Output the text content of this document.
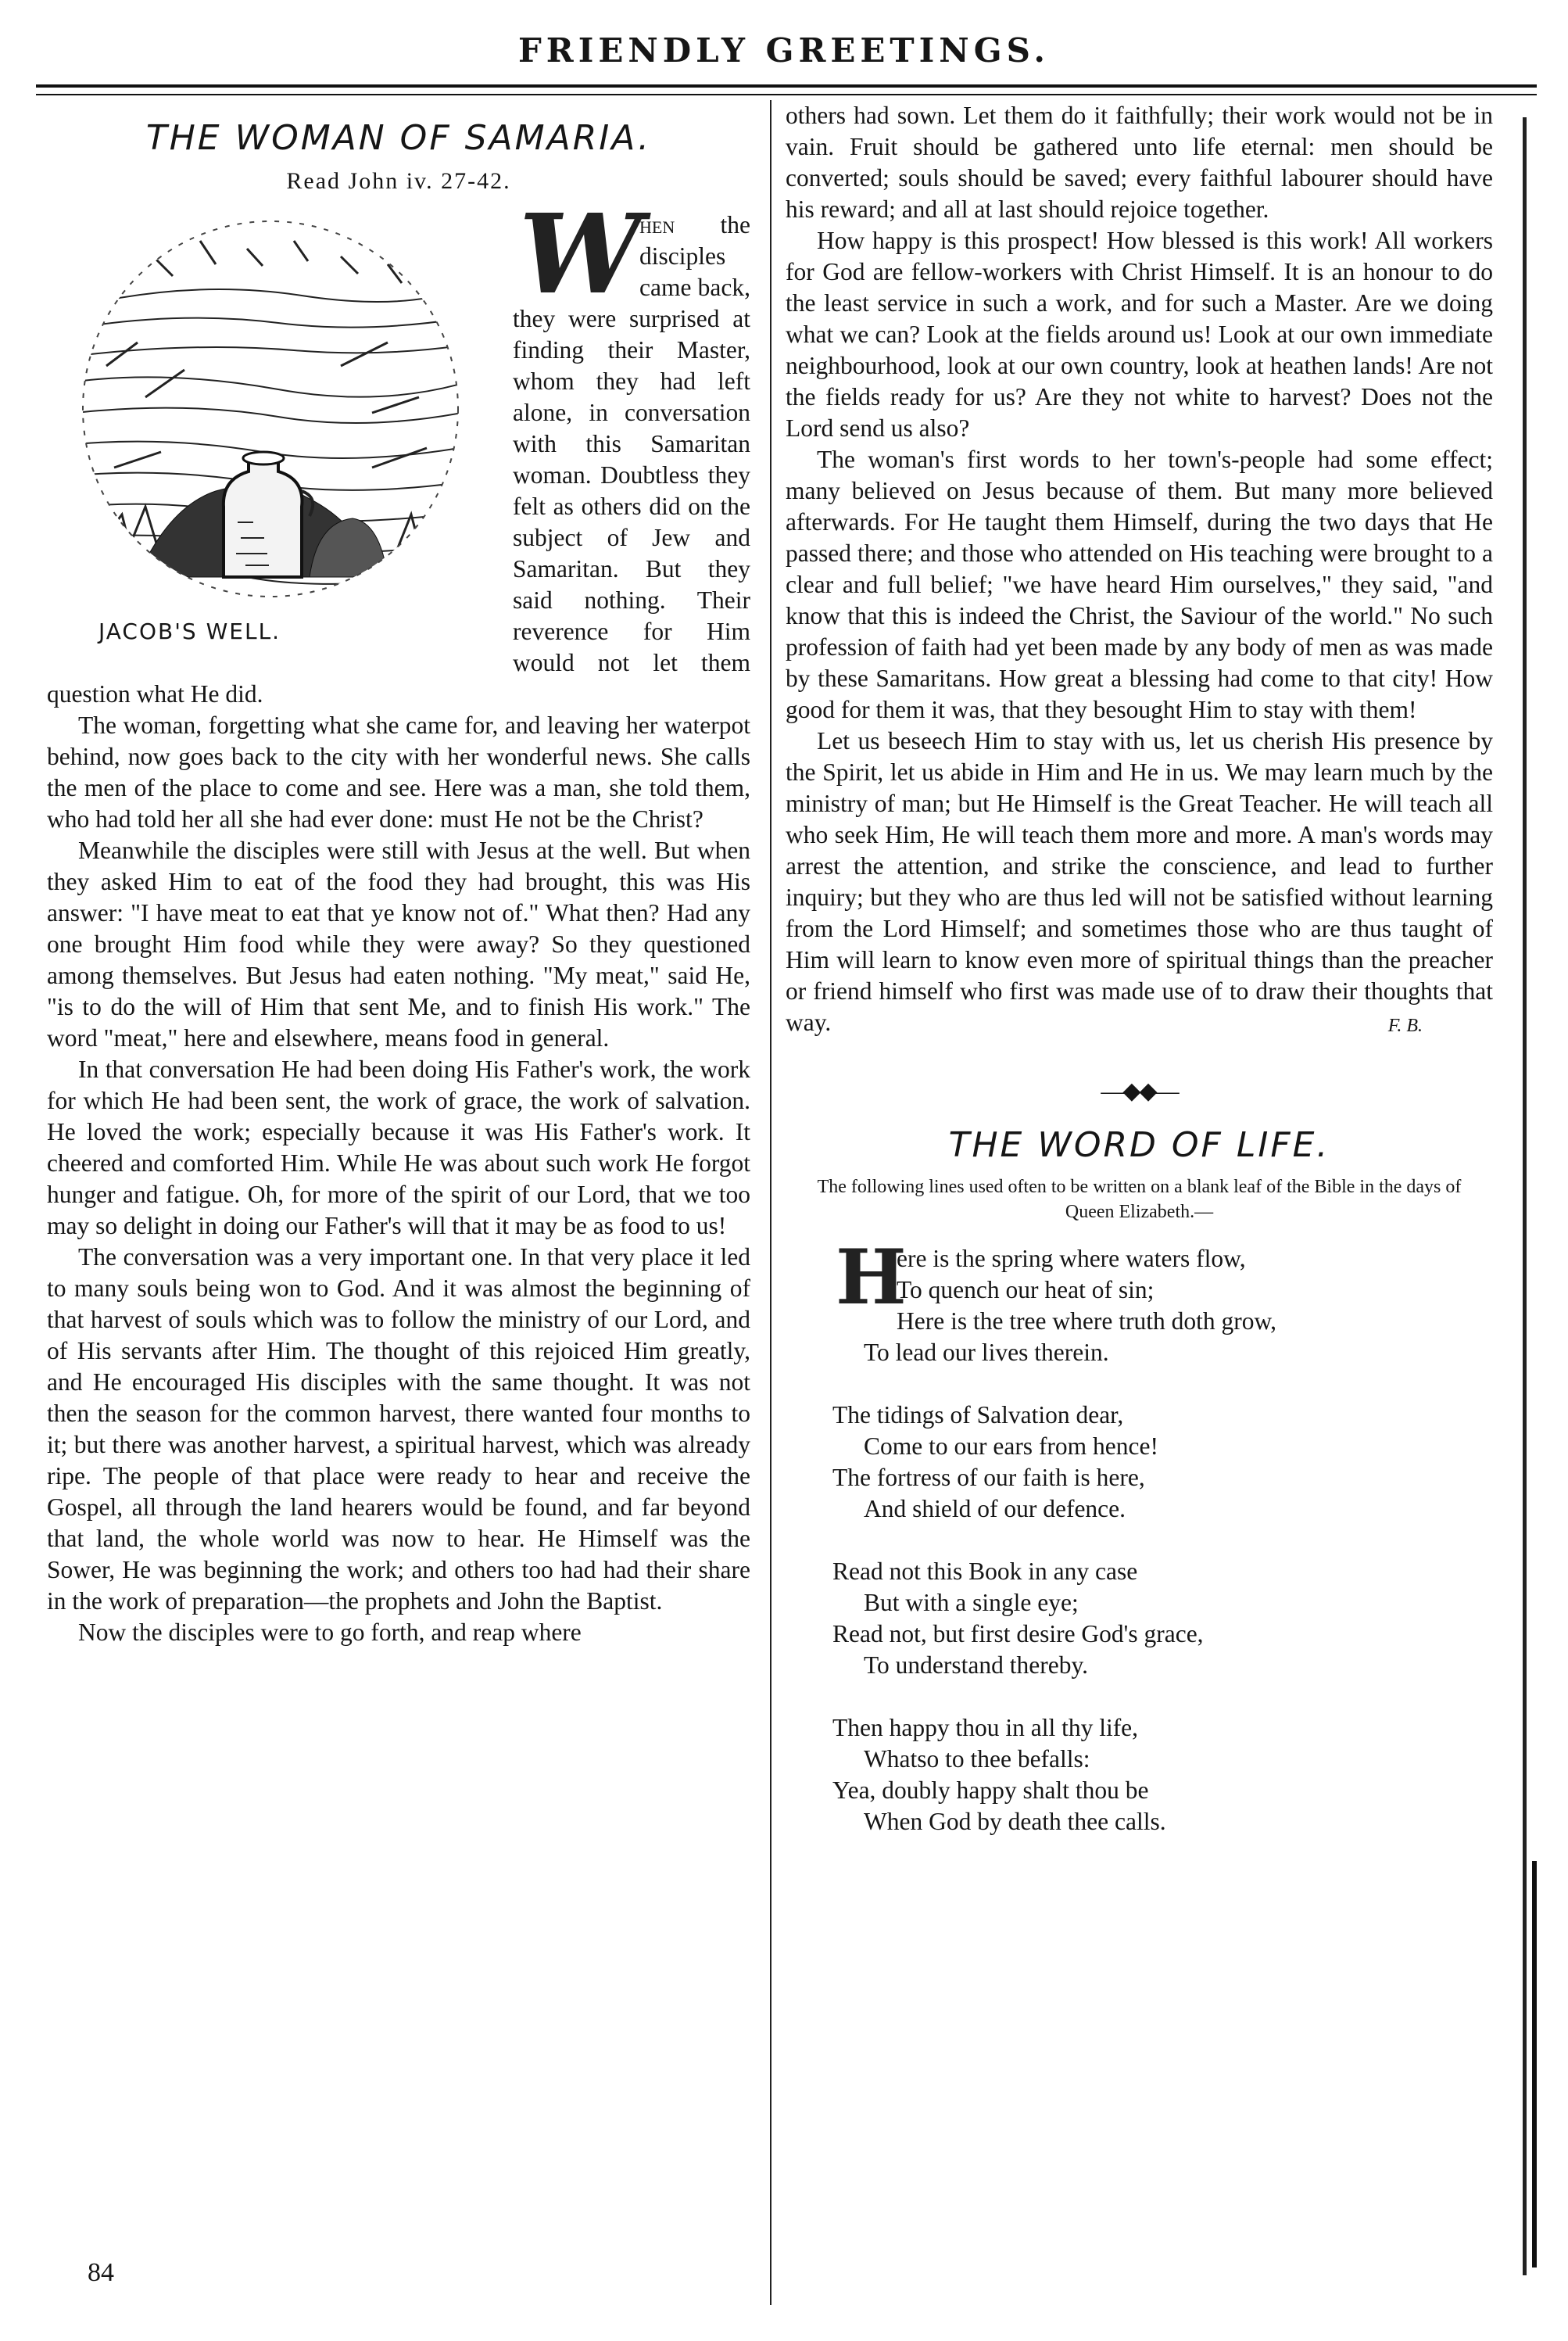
FRIENDLY GREETINGS.
THE WOMAN OF SAMARIA.
Read John iv. 27-42.
JACOB'S WELL.
W

hen the disciples came back, they were surprised at finding their Master, whom they had left alone, in conversation with this Samaritan woman. Doubtless they felt as others did on the subject of Jew and Samaritan. But they said nothing. Their reverence for Him would not let them question what He did.

The woman, forgetting what she came for, and leaving her waterpot behind, now goes back to the city with her wonderful news. She calls the men of the place to come and see. Here was a man, she told them, who had told her all she had ever done: must He not be the Christ?

Meanwhile the disciples were still with Jesus at the well. But when they asked Him to eat of the food they had brought, this was His answer: "I have meat to eat that ye know not of." What then? Had any one brought Him food while they were away? So they questioned among themselves. But Jesus had eaten nothing. "My meat," said He, "is to do the will of Him that sent Me, and to finish His work." The word "meat," here and elsewhere, means food in general.

In that conversation He had been doing His Father's work, the work for which He had been sent, the work of grace, the work of salvation. He loved the work; especially because it was His Father's work. It cheered and comforted Him. While He was about such work He forgot hunger and fatigue. Oh, for more of the spirit of our Lord, that we too may so delight in doing our Father's will that it may be as food to us!

The conversation was a very important one. In that very place it led to many souls being won to God. And it was almost the beginning of that harvest of souls which was to follow the ministry of our Lord, and of His servants after Him. The thought of this rejoiced Him greatly, and He encouraged His disciples with the same thought. It was not then the season for the common harvest, there wanted four months to it; but there was another harvest, a spiritual harvest, which was already ripe. The people of that place were ready to hear and receive the Gospel, all through the land hearers would be found, and far beyond that land, the whole world was now to hear. He Himself was the Sower, He was beginning the work; and others too had had their share in the work of preparation—the prophets and John the Baptist.

Now the disciples were to go forth, and reap where

others had sown. Let them do it faithfully; their work would not be in vain. Fruit should be gathered unto life eternal: men should be converted; souls should be saved; every faithful labourer should have his reward; and all at last should rejoice together.

How happy is this prospect! How blessed is this work! All workers for God are fellow-workers with Christ Himself. It is an honour to do the least service in such a work, and for such a Master. Are we doing what we can? Look at the fields around us! Look at our own immediate neighbourhood, look at our own country, look at heathen lands! Are not the fields ready for us? Are they not white to harvest? Does not the Lord send us also?

The woman's first words to her town's-people had some effect; many believed on Jesus because of them. But many more believed afterwards. For He taught them Himself, during the two days that He passed there; and those who attended on His teaching were brought to a clear and full belief; "we have heard Him ourselves," they said, "and know that this is indeed the Christ, the Saviour of the world." No such profession of faith had yet been made by any body of men as was made by these Samaritans. How great a blessing had come to that city! How good for them it was, that they besought Him to stay with them!

Let us beseech Him to stay with us, let us cherish His presence by the Spirit, let us abide in Him and He in us. We may learn much by the ministry of man; but He Himself is the Great Teacher. He will teach all who seek Him, He will teach them more and more. A man's words may arrest the attention, and strike the conscience, and lead to further inquiry; but they who are thus led will not be satisfied without learning from the Lord Himself; and sometimes those who are thus taught of Him will learn to know even more of spiritual things than the preacher or friend himself who first was made use of to draw their thoughts that way.	F. B.
—◆◆—
THE WORD OF LIFE.
The following lines used often to be written on a blank leaf of the Bible in the days of Queen Elizabeth.—
H
ere is the spring where waters flow,
To quench our heat of sin;
Here is the tree where truth doth grow,
To lead our lives therein.
The tidings of Salvation dear,
Come to our ears from hence!
The fortress of our faith is here,
And shield of our defence.
Read not this Book in any case
But with a single eye;
Read not, but first desire God's grace,
To understand thereby.
Then happy thou in all thy life,
Whatso to thee befalls:
Yea, doubly happy shalt thou be
When God by death thee calls.
84
